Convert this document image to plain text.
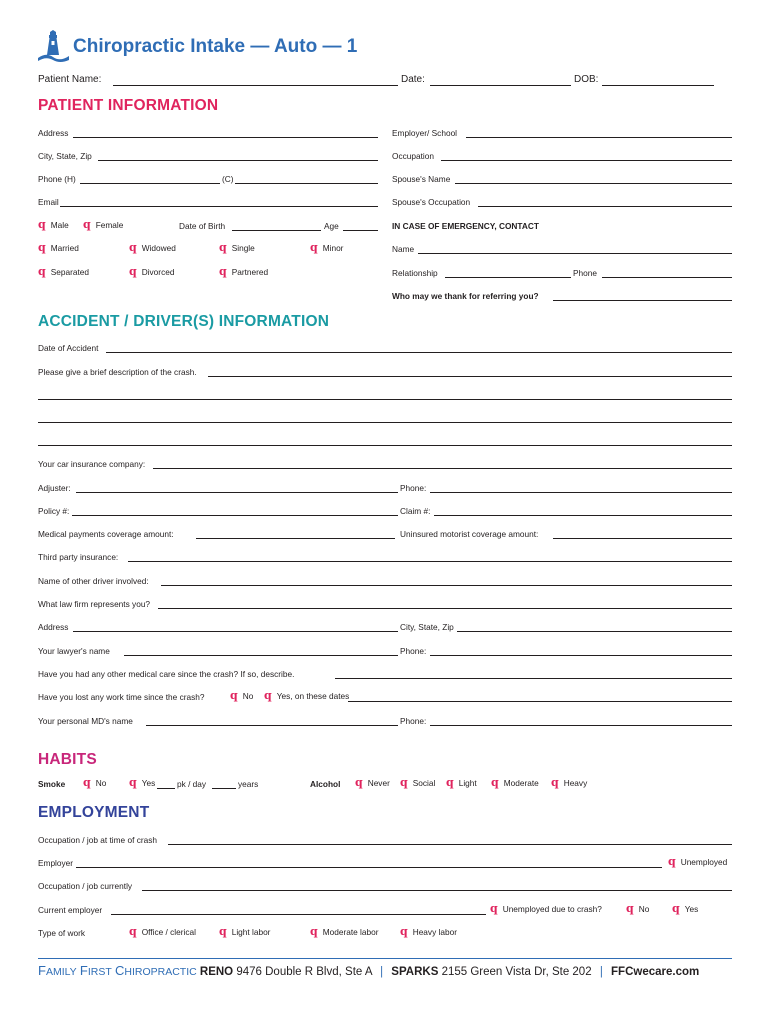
Chiropractic Intake — Auto — 1
Patient Name:	Date:	DOB:
PATIENT INFORMATION
Address	Employer/ School
City, State, Zip	Occupation
Phone (H)	(C)	Spouse's Name
Email	Spouse's Occupation
q Male q Female	Date of Birth	Age	IN CASE OF EMERGENCY, CONTACT
q Married	q Widowed	q Single	q Minor	Name
q Separated	q Divorced	q Partnered	Relationship	Phone
Who may we thank for referring you?
ACCIDENT / DRIVER(S) INFORMATION
Date of Accident
Please give a brief description of the crash.
Your car insurance company:
Adjuster:	Phone:
Policy #:	Claim #:
Medical payments coverage amount:	Uninsured motorist coverage amount:
Third party insurance:
Name of other driver involved:
What law firm represents you?
Address	City, State, Zip
Your lawyer's name	Phone:
Have you had any other medical care since the crash? If so, describe.
Have you lost any work time since the crash? q No q Yes, on these dates
Your personal MD's name	Phone:
HABITS
Smoke q No q Yes	pk / day	years	Alcohol q Never q Social q Light q Moderate q Heavy
EMPLOYMENT
Occupation / job at time of crash
Employer	q Unemployed
Occupation / job currently
Current employer	q Unemployed due to crash? q No q Yes
Type of work	q Office / clerical q Light labor	q Moderate labor q Heavy labor
FAMILY FIRST CHIROPRACTIC RENO 9476 Double R Blvd, Ste A | SPARKS 2155 Green Vista Dr, Ste 202 | FFCwecare.com
